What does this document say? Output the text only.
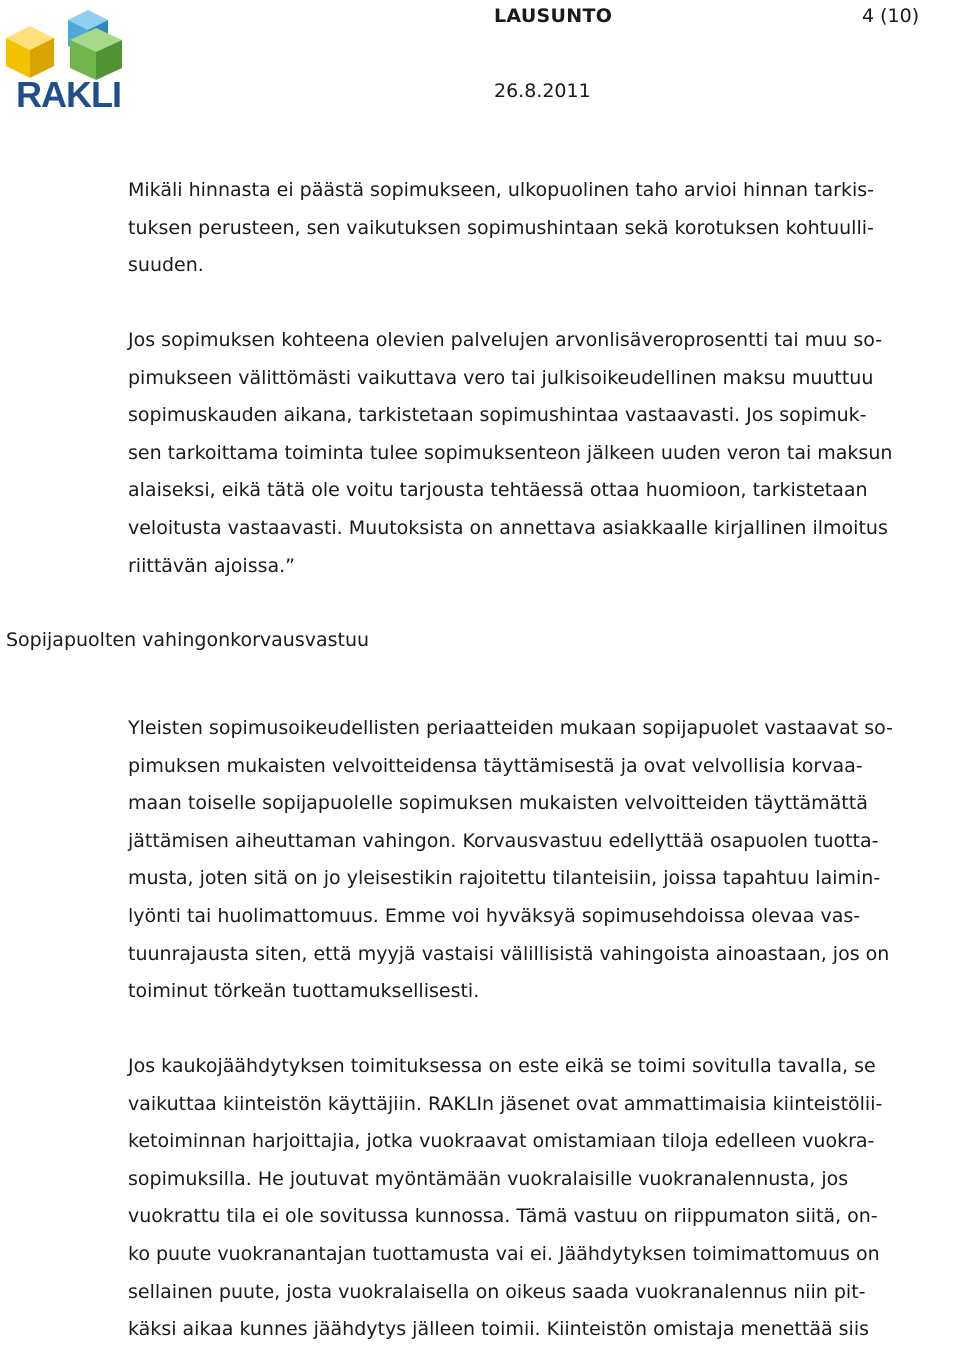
RAKLI
LAUSUNTO	4 (10)
26.8.2011

Mikäli hinnasta ei päästä sopimukseen, ulkopuolinen taho arvioi hinnan tarkis-
tuksen perusteen, sen vaikutuksen sopimushintaan sekä korotuksen kohtuulli-
suuden.

Jos sopimuksen kohteena olevien palvelujen arvonlisäveroprosentti tai muu so-
pimukseen välittömästi vaikuttava vero tai julkisoikeudellinen maksu muuttuu
sopimuskauden aikana, tarkistetaan sopimushintaa vastaavasti. Jos sopimuk-
sen tarkoittama toiminta tulee sopimuksenteon jälkeen uuden veron tai maksun
alaiseksi, eikä tätä ole voitu tarjousta tehtäessä ottaa huomioon, tarkistetaan
veloitusta vastaavasti. Muutoksista on annettava asiakkaalle kirjallinen ilmoitus
riittävän ajoissa.”

Sopijapuolten vahingonkorvausvastuu

Yleisten sopimusoikeudellisten periaatteiden mukaan sopijapuolet vastaavat so-
pimuksen mukaisten velvoitteidensa täyttämisestä ja ovat velvollisia korvaa-
maan toiselle sopijapuolelle sopimuksen mukaisten velvoitteiden täyttämättä
jättämisen aiheuttaman vahingon. Korvausvastuu edellyttää osapuolen tuotta-
musta, joten sitä on jo yleisestikin rajoitettu tilanteisiin, joissa tapahtuu laimin-
lyönti tai huolimattomuus. Emme voi hyväksyä sopimusehdoissa olevaa vas-
tuunrajausta siten, että myyjä vastaisi välillisistä vahingoista ainoastaan, jos on
toiminut törkeän tuottamuksellisesti.

Jos kaukojäähdytyksen toimituksessa on este eikä se toimi sovitulla tavalla, se
vaikuttaa kiinteistön käyttäjiin. RAKLIn jäsenet ovat ammattimaisia kiinteistölii-
ketoiminnan harjoittajia, jotka vuokraavat omistamiaan tiloja edelleen vuokra-
sopimuksilla. He joutuvat myöntämään vuokralaisille vuokranalennusta, jos
vuokrattu tila ei ole sovitussa kunnossa. Tämä vastuu on riippumaton siitä, on-
ko puute vuokranantajan tuottamusta vai ei. Jäähdytyksen toimimattomuus on
sellainen puute, josta vuokralaisella on oikeus saada vuokranalennus niin pit-
käksi aikaa kunnes jäähdytys jälleen toimii. Kiinteistön omistaja menettää siis
